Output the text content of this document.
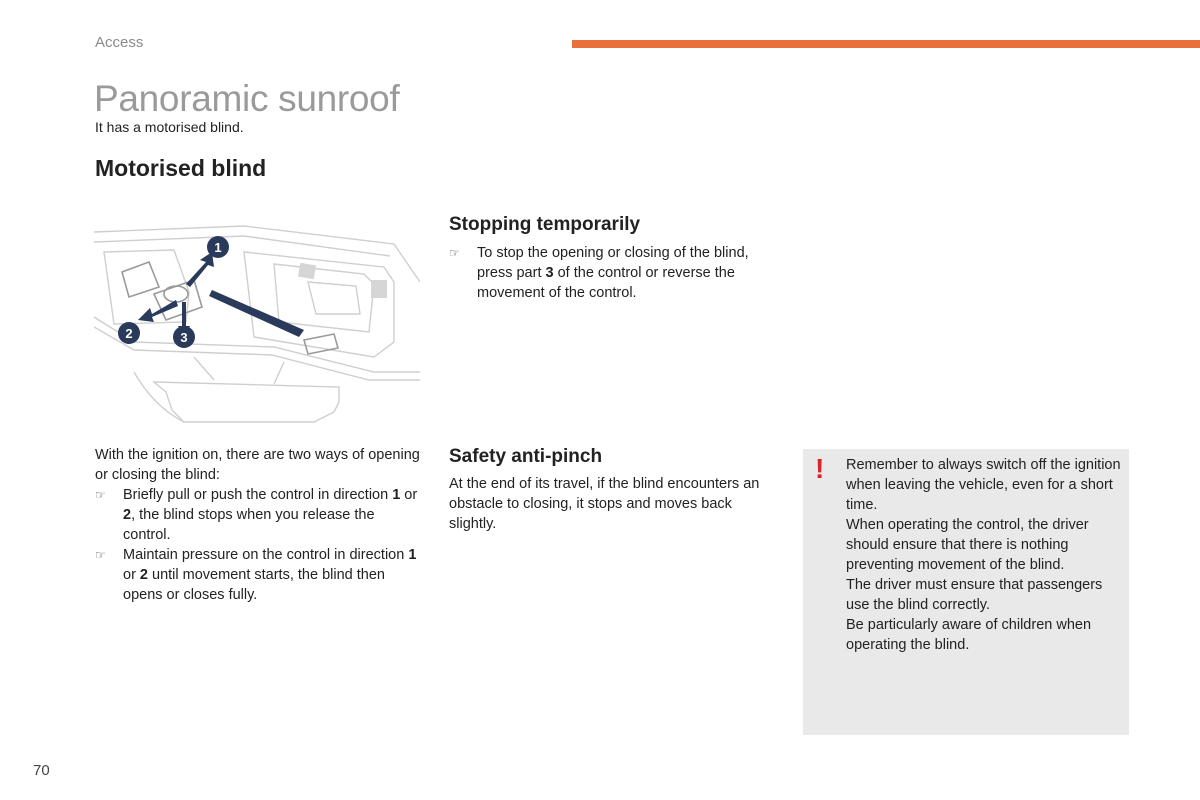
Access
Panoramic sunroof
It has a motorised blind.
Motorised blind
1
2	3

With the ignition on, there are two ways of opening or closing the blind:

☞ Briefly pull or push the control in direction 1 or 2, the blind stops when you release the control.

☞ Maintain pressure on the control in direction 1 or 2 until movement starts, the blind then opens or closes fully.

Stopping temporarily

☞ To stop the opening or closing of the blind, press part 3 of the control or reverse the movement of the control.

Safety anti-pinch
At the end of its travel, if the blind encounters an obstacle to closing, it stops and moves back slightly.
! Remember to always switch off the ignition when leaving the vehicle, even for a short time.

When operating the control, the driver should ensure that there is nothing preventing movement of the blind.

The driver must ensure that passengers use the blind correctly.

Be particularly aware of children when operating the blind.

70
